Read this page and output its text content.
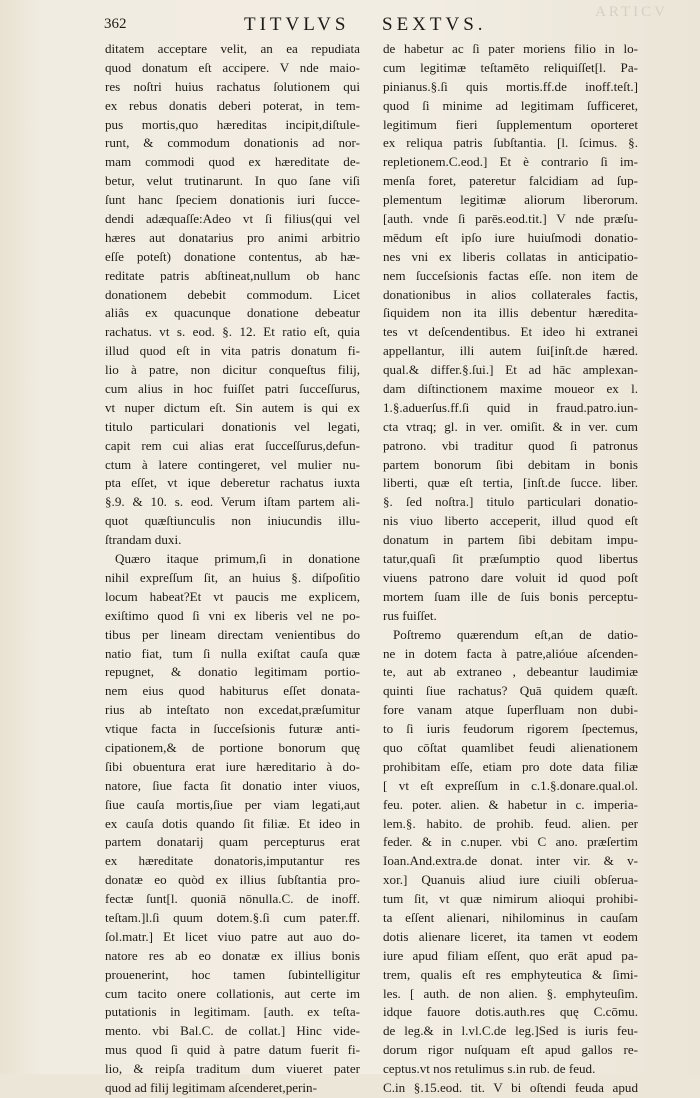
ARTICV
362	TITVLVS SEXTVS.
ditatem acceptare velit, an ea repudiata
quod donatum eſt accipere. V nde maio-
res noſtri huius rachatus ſolutionem qui
ex rebus donatis deberi poterat, in tem-
pus mortis,quo hæreditas incipit,diſtule-
runt, & commodum donationis ad nor-
mam commodi quod ex hæreditate de-
betur, velut trutinarunt. In quo ſane viſi
ſunt hanc ſpeciem donationis iuri ſucce-
dendi adæquaſſe:Adeo vt ſi filius(qui vel
hæres aut donatarius pro animi arbitrio
eſſe poteſt) donatione contentus, ab hæ-
reditate patris abſtineat,nullum ob hanc
donationem debebit commodum. Licet
aliâs ex quacunque donatione debeatur
rachatus. vt s. eod. §. 12. Et ratio eſt, quia
illud quod eſt in vita patris donatum fi-
lio à patre, non dicitur conqueſtus filij,
cum alius in hoc fuiſſet patri ſucceſſurus,
vt nuper dictum eſt. Sin autem is qui ex
titulo particulari donationis vel legati,
capit rem cui alias erat ſucceſſurus,defun-
ctum à latere contingeret, vel mulier nu-
pta eſſet, vt ique deberetur rachatus iuxta
§.9. & 10. s. eod. Verum iſtam partem ali-
quot quæſtiunculis non iniucundis illu-
ſtrandam duxi.
Quæro itaque primum,ſi in donatione
nihil expreſſum ſit, an huius §. diſpoſitio
locum habeat?Et vt paucis me explicem,
exiſtimo quod ſi vni ex liberis vel ne po-
tibus per lineam directam venientibus do
natio fiat, tum ſi nulla exiſtat cauſa quæ
repugnet, & donatio legitimam portio-
nem eius quod habiturus eſſet donata-
rius ab inteſtato non excedat,præſumitur
vtique facta in ſucceſsionis futuræ anti-
cipationem,& de portione bonorum quę
ſibi obuentura erat iure hæreditario à do-
natore, ſiue facta ſit donatio inter viuos,
ſiue cauſa mortis,ſiue per viam legati,aut
ex cauſa dotis quando ſit filiæ. Et ideo in
partem donatarij quam percepturus erat
ex hæreditate donatoris,imputantur res
donatæ eo quòd ex illius ſubſtantia pro-
fectæ ſunt[l. quoniā nōnulla.C. de inoff.
teſtam.]l.ſi quum dotem.§.ſi cum pater.ff.
ſol.matr.] Et licet viuo patre aut auo do-
natore res ab eo donatæ ex illius bonis
prouenerint, hoc tamen ſubintelligitur
cum tacito onere collationis, aut certe im
putationis in legitimam. [auth. ex teſta-
mento. vbi Bal.C. de collat.] Hinc vide-
mus quod ſi quid à patre datum fuerit fi-
lio, & reipſa traditum dum viueret pater
quod ad filij legitimam aſcenderet,perin-
de habetur ac ſi pater moriens filio in lo-
cum legitimæ teſtamēto reliquiſſet[l. Pa-
pinianus.§.ſi quis mortis.ff.de inoff.teſt.]
quod ſi minime ad legitimam ſufficeret,
legitimum fieri ſupplementum oporteret
ex reliqua patris ſubſtantia. [l. ſcimus. §.
repletionem.C.eod.] Et è contrario ſi im-
menſa foret, pateretur falcidiam ad ſup-
plementum legitimæ aliorum liberorum.
[auth. vnde ſi parēs.eod.tit.] V nde præſu-
mēdum eſt ipſo iure huiuſmodi donatio-
nes vni ex liberis collatas in anticipatio-
nem ſucceſsionis factas eſſe. non item de
donationibus in alios collaterales factis,
ſiquidem non ita illis debentur hæredita-
tes vt deſcendentibus. Et ideo hi extranei
appellantur, illi autem ſui[inſt.de hæred.
qual.& differ.§.ſui.] Et ad hāc amplexan-
dam diſtinctionem maxime moueor ex l.
1.§.aduerſus.ff.ſi quid in fraud.patro.iun-
cta vtraq; gl. in ver. omiſit. & in ver. cum
patrono. vbi traditur quod ſi patronus
partem bonorum ſibi debitam in bonis
liberti, quæ eſt tertia, [inſt.de ſucce. liber.
§. ſed noſtra.] titulo particulari donatio-
nis viuo liberto acceperit, illud quod eſt
donatum in partem ſibi debitam impu-
tatur,quaſi ſit præſumptio quod libertus
viuens patrono dare voluit id quod poſt
mortem ſuam ille de ſuis bonis perceptu-
rus fuiſſet.
Poſtremo quærendum eſt,an de datio-
ne in dotem facta à patre,alióue aſcenden-
te, aut ab extraneo , debeantur laudimiæ
quinti ſiue rachatus? Quā quidem quæſt.
fore vanam atque ſuperfluam non dubi-
to ſi iuris feudorum rigorem ſpectemus,
quo cōſtat quamlibet feudi alienationem
prohibitam eſſe, etiam pro dote data filiæ
[ vt eſt expreſſum in c.1.§.donare.qual.ol.
feu. poter. alien. & habetur in c. imperia-
lem.§. habito. de prohib. feud. alien. per
feder. & in c.nuper. vbi C ano. præſertim
Ioan.And.extra.de donat. inter vir. & v-
xor.] Quanuis aliud iure ciuili obſerua-
tum ſit, vt quæ nimirum alioqui prohibi-
ta eſſent alienari, nihilominus in cauſam
dotis alienare liceret, ita tamen vt eodem
iure apud filiam eſſent, quo erāt apud pa-
trem, qualis eſt res emphyteutica & ſimi-
les. [ auth. de non alien. §. emphyteuſim.
idque fauore dotis.auth.res quę C.cōmu.
de leg.& in l.vl.C.de leg.]Sed is iuris feu-
dorum rigor nuſquam eſt apud gallos re-
ceptus.vt nos retulimus s.in rub. de feud.
C.in §.15.eod. tit. V bi oſtendi feuda apud
